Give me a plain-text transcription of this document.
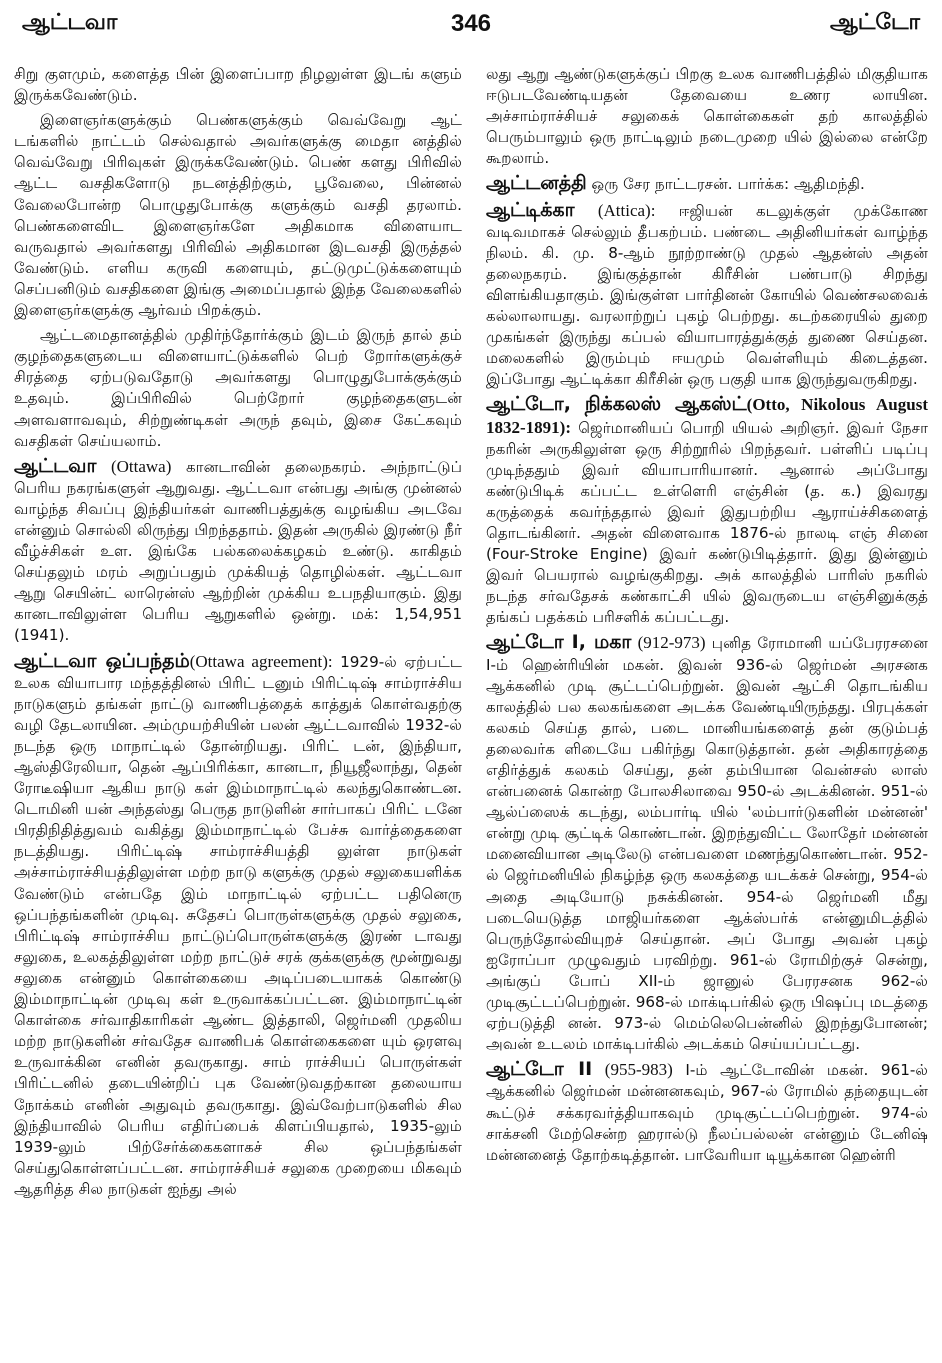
346
ஆட்டவா	ஆட்டோ

சிறு குளமும், களைத்த பின் இளைப்பாற நிழலுள்ள இடங் களும் இருக்கவேண்டும்.

இளைஞர்களுக்கும் பெண்களுக்கும் வெவ்வேறு ஆட் டங்களில் நாட்டம் செல்வதால் அவர்களுக்கு மைதா னத்தில் வெவ்வேறு பிரிவுகள் இருக்கவேண்டும். பெண் களது பிரிவில் ஆட்ட வசதிகளோடு நடனத்திற்கும், பூவேலை, பின்னல் வேலைபோன்ற பொழுதுபோக்கு களுக்கும் வசதி தரலாம். பெண்களைவிட இளைஞர்களே அதிகமாக விளையாட வருவதால் அவர்களது பிரிவில் அதிகமான இடவசதி இருத்தல் வேண்டும். எளிய கருவி களையும், தட்டுமுட்டுக்களையும் செப்பனிடும் வசதிகளை இங்கு அமைப்பதால் இந்த வேலைகளில் இளைஞர்களுக்கு ஆர்வம் பிறக்கும்.

ஆட்டமைதானத்தில் முதிர்ந்தோர்க்கும் இடம் இருந் தால் தம் குழந்தைகளுடைய விளையாட்டுக்களில் பெற் றோர்களுக்குச் சிரத்தை ஏற்படுவதோடு அவர்களது பொழுதுபோக்குக்கும் உதவும். இப்பிரிவில் பெற்றோர் குழந்தைகளுடன் அளவளாவவும், சிற்றுண்டிகள் அருந் தவும், இசை கேட்கவும் வசதிகள் செய்யலாம்.

ஆட்டவா (Ottawa) கானடாவின் தலைநகரம். அந்நாட்டுப் பெரிய நகரங்களுள் ஆறுவது. ஆட்டவா என்பது அங்கு முன்னல் வாழ்ந்த சிவப்பு இந்தியர்கள் வாணிபத்துக்கு வழங்கிய அடவே என்னும் சொல்லி லிருந்து பிறந்ததாம். இதன் அருகில் இரண்டு நீர் வீழ்ச்சிகள் உள. இங்கே பல்கலைக்கழகம் உண்டு. காகிதம் செய்தலும் மரம் அறுப்பதும் முக்கியத் தொழில்கள். ஆட்டவா ஆறு செயின்ட் லாரென்ஸ் ஆற்றின் முக்கிய உபநதியாகும். இது கானடாவிலுள்ள பெரிய ஆறுகளில் ஒன்று. மக்: 1,54,951 (1941).
ஆட்டவா ஒப்பந்தம்(Ottawa agreement): 1929-ல் ஏற்பட்ட உலக வியாபார மந்தத்தினல் பிரிட் டனும் பிரிட்டிஷ் சாம்ராச்சிய நாடுகளும் தங்கள் நாட்டு வாணிபத்தைக் காத்துக் கொள்வதற்கு வழி தேடலாயின. அம்முயற்சியின் பலன் ஆட்டவாவில் 1932-ல் நடந்த ஒரு மாநாட்டில் தோன்றியது. பிரிட் டன், இந்தியா, ஆஸ்திரேலியா, தென் ஆப்பிரிக்கா, கானடா, நியூஜீலாந்து, தென் ரோடீஷியா ஆகிய நாடு கள் இம்மாநாட்டில் கலந்துகொண்டன. டொமினி யன் அந்தஸ்து பெருத நாடுளின் சார்பாகப் பிரிட் டனே பிரதிநிதித்துவம் வகித்து இம்மாநாட்டில் பேச்சு வார்த்தைகளை நடத்தியது. பிரிட்டிஷ் சாம்ராச்சியத்தி லுள்ள நாடுகள் அச்சாம்ராச்சியத்திலுள்ள மற்ற நாடு களுக்கு முதல் சலுகையளிக்க வேண்டும் என்பதே இம் மாநாட்டில் ஏற்பட்ட பதினெரு ஒப்பந்தங்களின் முடிவு. சுதேசப் பொருள்களுக்கு முதல் சலுகை, பிரிட்டிஷ் சாம்ராச்சிய நாட்டுப்பொருள்களுக்கு இரண் டாவது சலுகை, உலகத்திலுள்ள மற்ற நாட்டுச் சரக் குக்களுக்கு மூன்றுவது சலுகை என்னும் கொள்கையை அடிப்படையாகக் கொண்டு இம்மாநாட்டின் முடிவு கள் உருவாக்கப்பட்டன. இம்மாநாட்டின் கொள்கை சர்வாதிகாரிகள் ஆண்ட இத்தாலி, ஜெர்மனி முதலிய மற்ற நாடுகளின் சர்வதேச வாணிபக் கொள்கைகளை யும் ஒரளவு உருவாக்கின எனின் தவருகாது. சாம் ராச்சியப் பொருள்கள் பிரிட்டனில் தடையின்றிப் புக வேண்டுவதற்கான தலையாய நோக்கம் எனின் அதுவும் தவருகாது. இவ்வேற்பாடுகளில் சில இந்தியாவில் பெரிய எதிர்ப்பைக் கிளப்பியதால், 1935-லும் 1939-லும் பிற்சேர்க்கைகளாகச் சில ஒப்பந்தங்கள் செய்துகொள்ளப்பட்டன. சாம்ராச்சியச் சலுகை முறையை மிகவும் ஆதரித்த சில நாடுகள் ஐந்து அல்

லது ஆறு ஆண்டுகளுக்குப் பிறகு உலக வாணிபத்தில் மிகுதியாக ஈடுபடவேண்டியதன் தேவையை உணர லாயின. அச்சாம்ராச்சியச் சலுகைக் கொள்கைகள் தற் காலத்தில் பெரும்பாலும் ஒரு நாட்டிலும் நடைமுறை யில் இல்லை என்றே கூறலாம்.

ஆட்டனத்தி ஒரு சேர நாட்டரசன். பார்க்க: ஆதிமந்தி.
ஆட்டிக்கா (Attica): ஈஜியன் கடலுக்குள் முக்கோண வடிவமாகச் செல்லும் தீபகற்பம். பண்டை அதினியர்கள் வாழ்ந்த நிலம். கி. மு. 8-ஆம் நூற்றாண்டு முதல் ஆதன்ஸ் அதன் தலைநகரம். இங்குத்தான் கிரீசின் பண்பாடு சிறந்து விளங்கியதாகும். இங்குள்ள பார்தினன் கோயில் வெண்சலவைக் கல்லாலாயது. வரலாற்றுப் புகழ் பெற்றது. கடற்கரையில் துறை முகங்கள் இருந்து கப்பல் வியாபாரத்துக்குத் துணை செய்தன. மலைகளில் இரும்பும் ஈயமும் வெள்ளியும் கிடைத்தன. இப்போது ஆட்டிக்கா கிரீசின் ஒரு பகுதி யாக இருந்துவருகிறது.
ஆட்டோ, நிக்கலஸ் ஆகஸ்ட்(Otto, Nikolous August 1832-1891): ஜெர்மானியப் பொறி யியல் அறிஞர். இவர் நேசா நகரின் அருகிலுள்ள ஒரு சிற்றூரில் பிறந்தவர். பள்ளிப் படிப்பு முடிந்ததும் இவர் வியாபாரியானர். ஆனால் அப்போது கண்டுபிடிக் கப்பட்ட உள்ளெரி எஞ்சின் (த. க.) இவரது கருத்தைக் கவர்ந்ததால் இவர் இதுபற்றிய ஆராய்ச்சிகளைத் தொடங்கினர். அதன் விளைவாக 1876-ல் நாலடி எஞ் சினை (Four-Stroke Engine) இவர் கண்டுபிடித்தார். இது இன்னும் இவர் பெயரால் வழங்குகிறது. அக் காலத்தில் பாரிஸ் நகரில் நடந்த சர்வதேசக் கண்காட்சி யில் இவருடைய எஞ்சினுக்குத் தங்கப் பதக்கம் பரிசளிக் கப்பட்டது.
ஆட்டோ I, மகா (912-973) புனித ரோமானி யப்பேரரசனை I-ம் ஹென்ரியின் மகன். இவன் 936-ல் ஜெர்மன் அரசனக ஆக்கனில் முடி சூட்டப்பெற்றுன். இவன் ஆட்சி தொடங்கிய காலத்தில் பல கலகங்களை அடக்க வேண்டியிருந்தது. பிரபுக்கள் கலகம் செய்த தால், படை மானியங்களைத் தன் குடும்பத் தலைவர்க ளிடையே பகிர்ந்து கொடுத்தான். தன் அதிகாரத்தை எதிர்த்துக் கலகம் செய்து, தன் தம்பியான வென்சஸ் லாஸ் என்பனைக் கொன்ற போலசிலாவை 950-ல் அடக்கினன். 951-ல் ஆல்ப்ஸைக் கடந்து, லம்பார்டி யில் 'லம்பார்டுகளின் மன்னன்' என்று முடி சூட்டிக் கொண்டான். இறந்துவிட்ட லோதேர் மன்னன் மனைவியான அடிலேடு என்பவளை மணந்துகொண்டான். 952-ல் ஜெர்மனியில் நிகழ்ந்த ஒரு கலகத்தை யடக்கச் சென்று, 954-ல் அதை அடியோடு நசுக்கினன். 954-ல் ஜெர்மனி மீது படையெடுத்த மாஜியர்களை ஆக்ஸ்பர்க் என்னுமிடத்தில் பெருந்தோல்வியுறச் செய்தான். அப் போது அவன் புகழ் ஐரோப்பா முழுவதும் பரவிற்று. 961-ல் ரோமிற்குச் சென்று, அங்குப் போப் XII-ம் ஜானுல் பேரரசனக 962-ல் முடிசூட்டப்பெற்றுன். 968-ல் மாக்டிபர்கில் ஒரு பிஷப்பு மடத்தை ஏற்படுத்தி னன். 973-ல் மெம்லெபென்னில் இறந்துபோனன்; அவன் உடலம் மாக்டிபர்கில் அடக்கம் செய்யப்பட்டது.
ஆட்டோ II (955-983) I-ம் ஆட்டோவின் மகன். 961-ல் ஆக்கனில் ஜெர்மன் மன்னனகவும், 967-ல் ரோமில் தந்தையுடன் கூட்டுச் சக்கரவர்த்தியாகவும் முடிசூட்டப்பெற்றுன். 974-ல் சாக்சனி மேற்சென்ற ஹரால்டு நீலப்பல்லன் என்னும் டேனிஷ் மன்னனைத் தோற்கடித்தான். பாவேரியா டியூக்கான ஹென்ரி
